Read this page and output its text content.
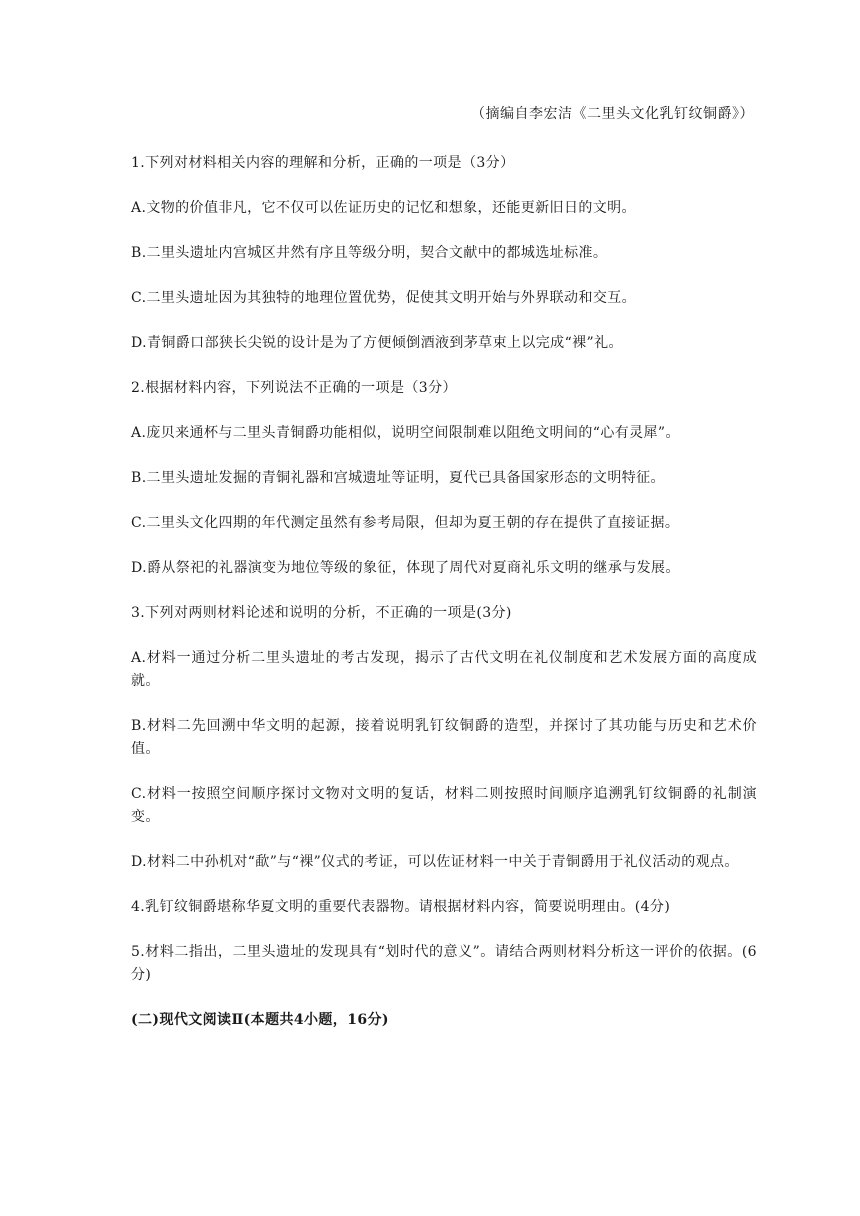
（摘编自李宏洁《二里头文化乳钉纹铜爵》）

1.下列对材料相关内容的理解和分析，正确的一项是（3分）

A.文物的价值非凡，它不仅可以佐证历史的记忆和想象，还能更新旧日的文明。

B.二里头遗址内宫城区井然有序且等级分明，契合文献中的都城选址标准。

C.二里头遗址因为其独特的地理位置优势，促使其文明开始与外界联动和交互。

D.青铜爵口部狭长尖锐的设计是为了方便倾倒酒液到茅草束上以完成“裸”礼。

2.根据材料内容，下列说法不正确的一项是（3分）

A.庞贝来通杯与二里头青铜爵功能相似，说明空间限制难以阻绝文明间的“心有灵犀”。

B.二里头遗址发掘的青铜礼器和宫城遗址等证明，夏代已具备国家形态的文明特征。

C.二里头文化四期的年代测定虽然有参考局限，但却为夏王朝的存在提供了直接证据。

D.爵从祭祀的礼器演变为地位等级的象征，体现了周代对夏商礼乐文明的继承与发展。

3.下列对两则材料论述和说明的分析，不正确的一项是(3分)

A.材料一通过分析二里头遗址的考古发现，揭示了古代文明在礼仪制度和艺术发展方面的高度成就。

B.材料二先回溯中华文明的起源，接着说明乳钉纹铜爵的造型，并探讨了其功能与历史和艺术价值。

C.材料一按照空间顺序探讨文物对文明的复话，材料二则按照时间顺序追溯乳钉纹铜爵的礼制演变。

D.材料二中孙机对“歃”与“裸”仪式的考证，可以佐证材料一中关于青铜爵用于礼仪活动的观点。

4.乳钉纹铜爵堪称华夏文明的重要代表器物。请根据材料内容，简要说明理由。(4分)

5.材料二指出，二里头遗址的发现具有“划时代的意义”。请结合两则材料分析这一评价的依据。(6分)

(二)现代文阅读Ⅱ(本题共4小题，16分)
